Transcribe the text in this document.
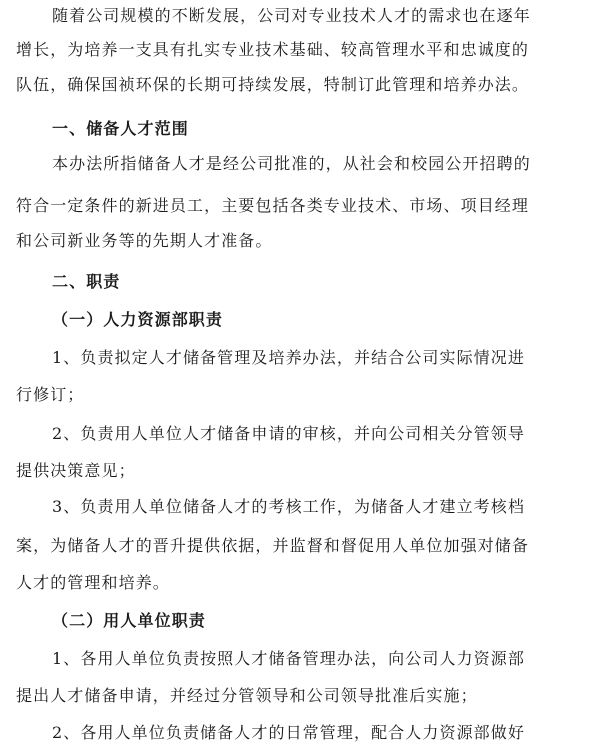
随着公司规模的不断发展，公司对专业技术人才的需求也在逐年
增长，为培养一支具有扎实专业技术基础、较高管理水平和忠诚度的
队伍，确保国祯环保的长期可持续发展，特制订此管理和培养办法。
一、储备人才范围
本办法所指储备人才是经公司批准的，从社会和校园公开招聘的
符合一定条件的新进员工，主要包括各类专业技术、市场、项目经理
和公司新业务等的先期人才准备。
二、职责
（一）人力资源部职责
1、负责拟定人才储备管理及培养办法，并结合公司实际情况进
行修订；
2、负责用人单位人才储备申请的审核，并向公司相关分管领导
提供决策意见；
3、负责用人单位储备人才的考核工作，为储备人才建立考核档
案，为储备人才的晋升提供依据，并监督和督促用人单位加强对储备
人才的管理和培养。
（二）用人单位职责
1、各用人单位负责按照人才储备管理办法，向公司人力资源部
提出人才储备申请，并经过分管领导和公司领导批准后实施；
2、各用人单位负责储备人才的日常管理，配合人力资源部做好
